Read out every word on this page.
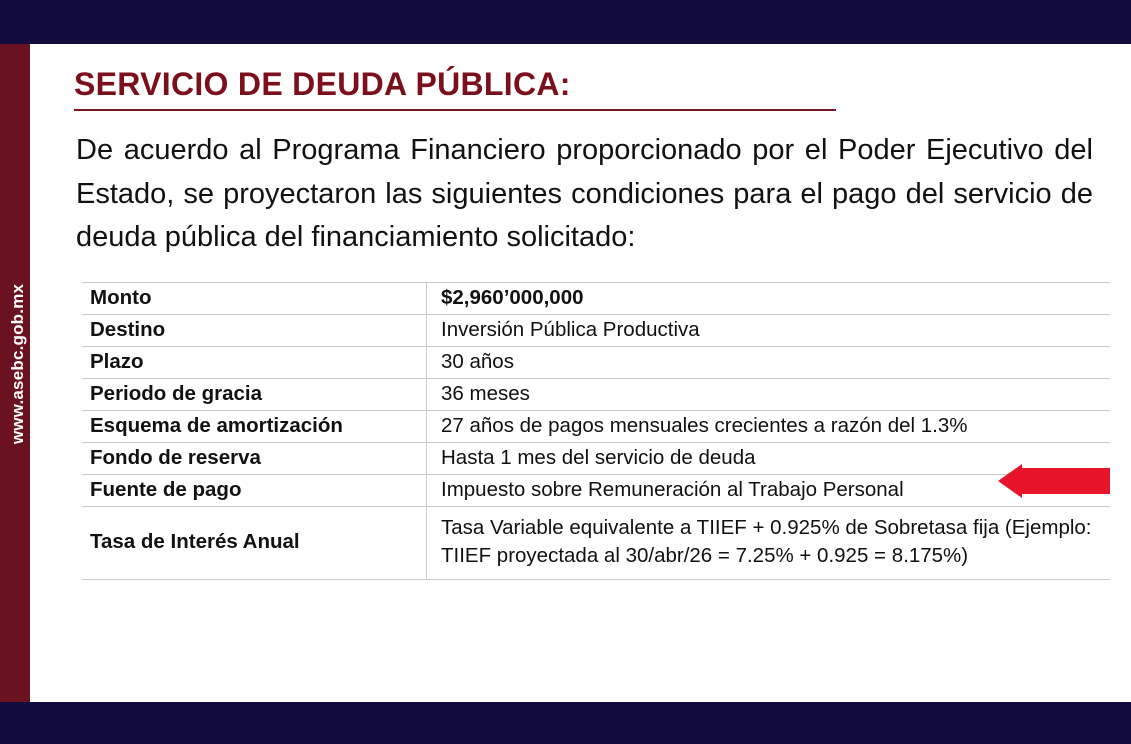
www.asebc.gob.mx
SERVICIO DE DEUDA PÚBLICA:

De acuerdo al Programa Financiero proporcionado por el Poder Ejecutivo del Estado, se proyectaron las siguientes condiciones para el pago del servicio de deuda pública del financiamiento solicitado:

Monto	$2,960’000,000
Destino	Inversión Pública Productiva
Plazo	30 años
Periodo de gracia	36 meses
Esquema de amortización	27 años de pagos mensuales crecientes a razón del 1.3%
Fondo de reserva	Hasta 1 mes del servicio de deuda
Fuente de pago	Impuesto sobre Remuneración al Trabajo Personal
Tasa de Interés Anual	Tasa Variable equivalente a TIIEF + 0.925% de Sobretasa fija (Ejemplo: TIIEF proyectada al 30/abr/26 = 7.25% + 0.925 = 8.175%)
